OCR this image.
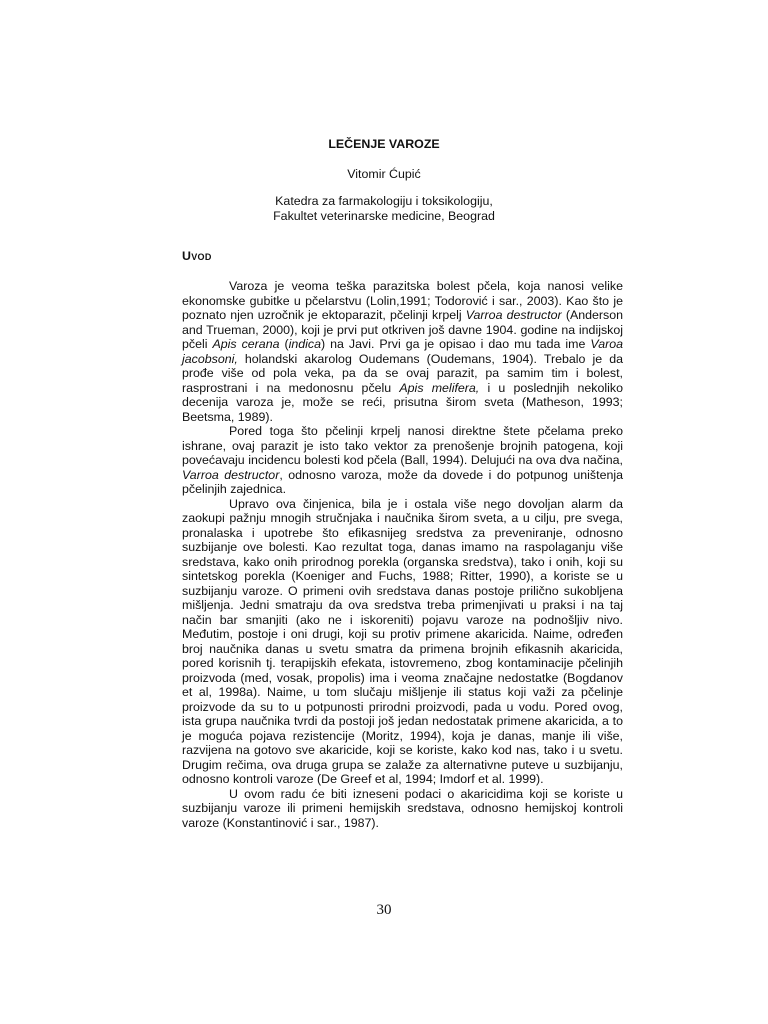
LEČENJE VAROZE
Vitomir Ćupić
Katedra za farmakologiju i toksikologiju,
Fakultet veterinarske medicine, Beograd
Uvod

Varoza je veoma teška parazitska bolest pčela, koja nanosi velike ekonomske gubitke u pčelarstvu (Lolin,1991; Todorović i sar., 2003). Kao što je poznato njen uzročnik je ektoparazit, pčelinji krpelj Varroa destructor (Anderson and Trueman, 2000), koji je prvi put otkriven još davne 1904. godine na indijskoj pčeli Apis cerana (indica) na Javi. Prvi ga je opisao i dao mu tada ime Varoa jacobsoni, holandski akarolog Oudemans (Oudemans, 1904). Trebalo je da prođe više od pola veka, pa da se ovaj parazit, pa samim tim i bolest, rasprostrani i na medonosnu pčelu Apis melifera, i u poslednjih nekoliko decenija varoza je, može se reći, prisutna širom sveta (Matheson, 1993; Beetsma, 1989).

Pored toga što pčelinji krpelj nanosi direktne štete pčelama preko ishrane, ovaj parazit je isto tako vektor za prenošenje brojnih patogena, koji povećavaju incidencu bolesti kod pčela (Ball, 1994). Delujući na ova dva načina, Varroa destructor, odnosno varoza, može da dovede i do potpunog uništenja pčelinjih zajednica.

Upravo ova činjenica, bila je i ostala više nego dovoljan alarm da zaokupi pažnju mnogih stručnjaka i naučnika širom sveta, a u cilju, pre svega, pronalaska i upotrebe što efikasnijeg sredstva za preveniranje, odnosno suzbijanje ove bolesti. Kao rezultat toga, danas imamo na raspolaganju više sredstava, kako onih prirodnog porekla (organska sredstva), tako i onih, koji su sintetskog porekla (Koeniger and Fuchs, 1988; Ritter, 1990), a koriste se u suzbijanju varoze. O primeni ovih sredstava danas postoje prilično sukobljena mišljenja. Jedni smatraju da ova sredstva treba primenjivati u praksi i na taj način bar smanjiti (ako ne i iskoreniti) pojavu varoze na podnošljiv nivo. Međutim, postoje i oni drugi, koji su protiv primene akaricida. Naime, određen broj naučnika danas u svetu smatra da primena brojnih efikasnih akaricida, pored korisnih tj. terapijskih efekata, istovremeno, zbog kontaminacije pčelinjih proizvoda (med, vosak, propolis) ima i veoma značajne nedostatke (Bogdanov et al, 1998a). Naime, u tom slučaju mišljenje ili status koji važi za pčelinje proizvode da su to u potpunosti prirodni proizvodi, pada u vodu. Pored ovog, ista grupa naučnika tvrdi da postoji još jedan nedostatak primene akaricida, a to je moguća pojava rezistencije (Moritz, 1994), koja je danas, manje ili više, razvijena na gotovo sve akaricide, koji se koriste, kako kod nas, tako i u svetu. Drugim rečima, ova druga grupa se zalaže za alternativne puteve u suzbijanju, odnosno kontroli varoze (De Greef et al, 1994; Imdorf et al. 1999).

U ovom radu će biti izneseni podaci o akaricidima koji se koriste u suzbijanju varoze ili primeni hemijskih sredstava, odnosno hemijskoj kontroli varoze (Konstantinović i sar., 1987).

30
